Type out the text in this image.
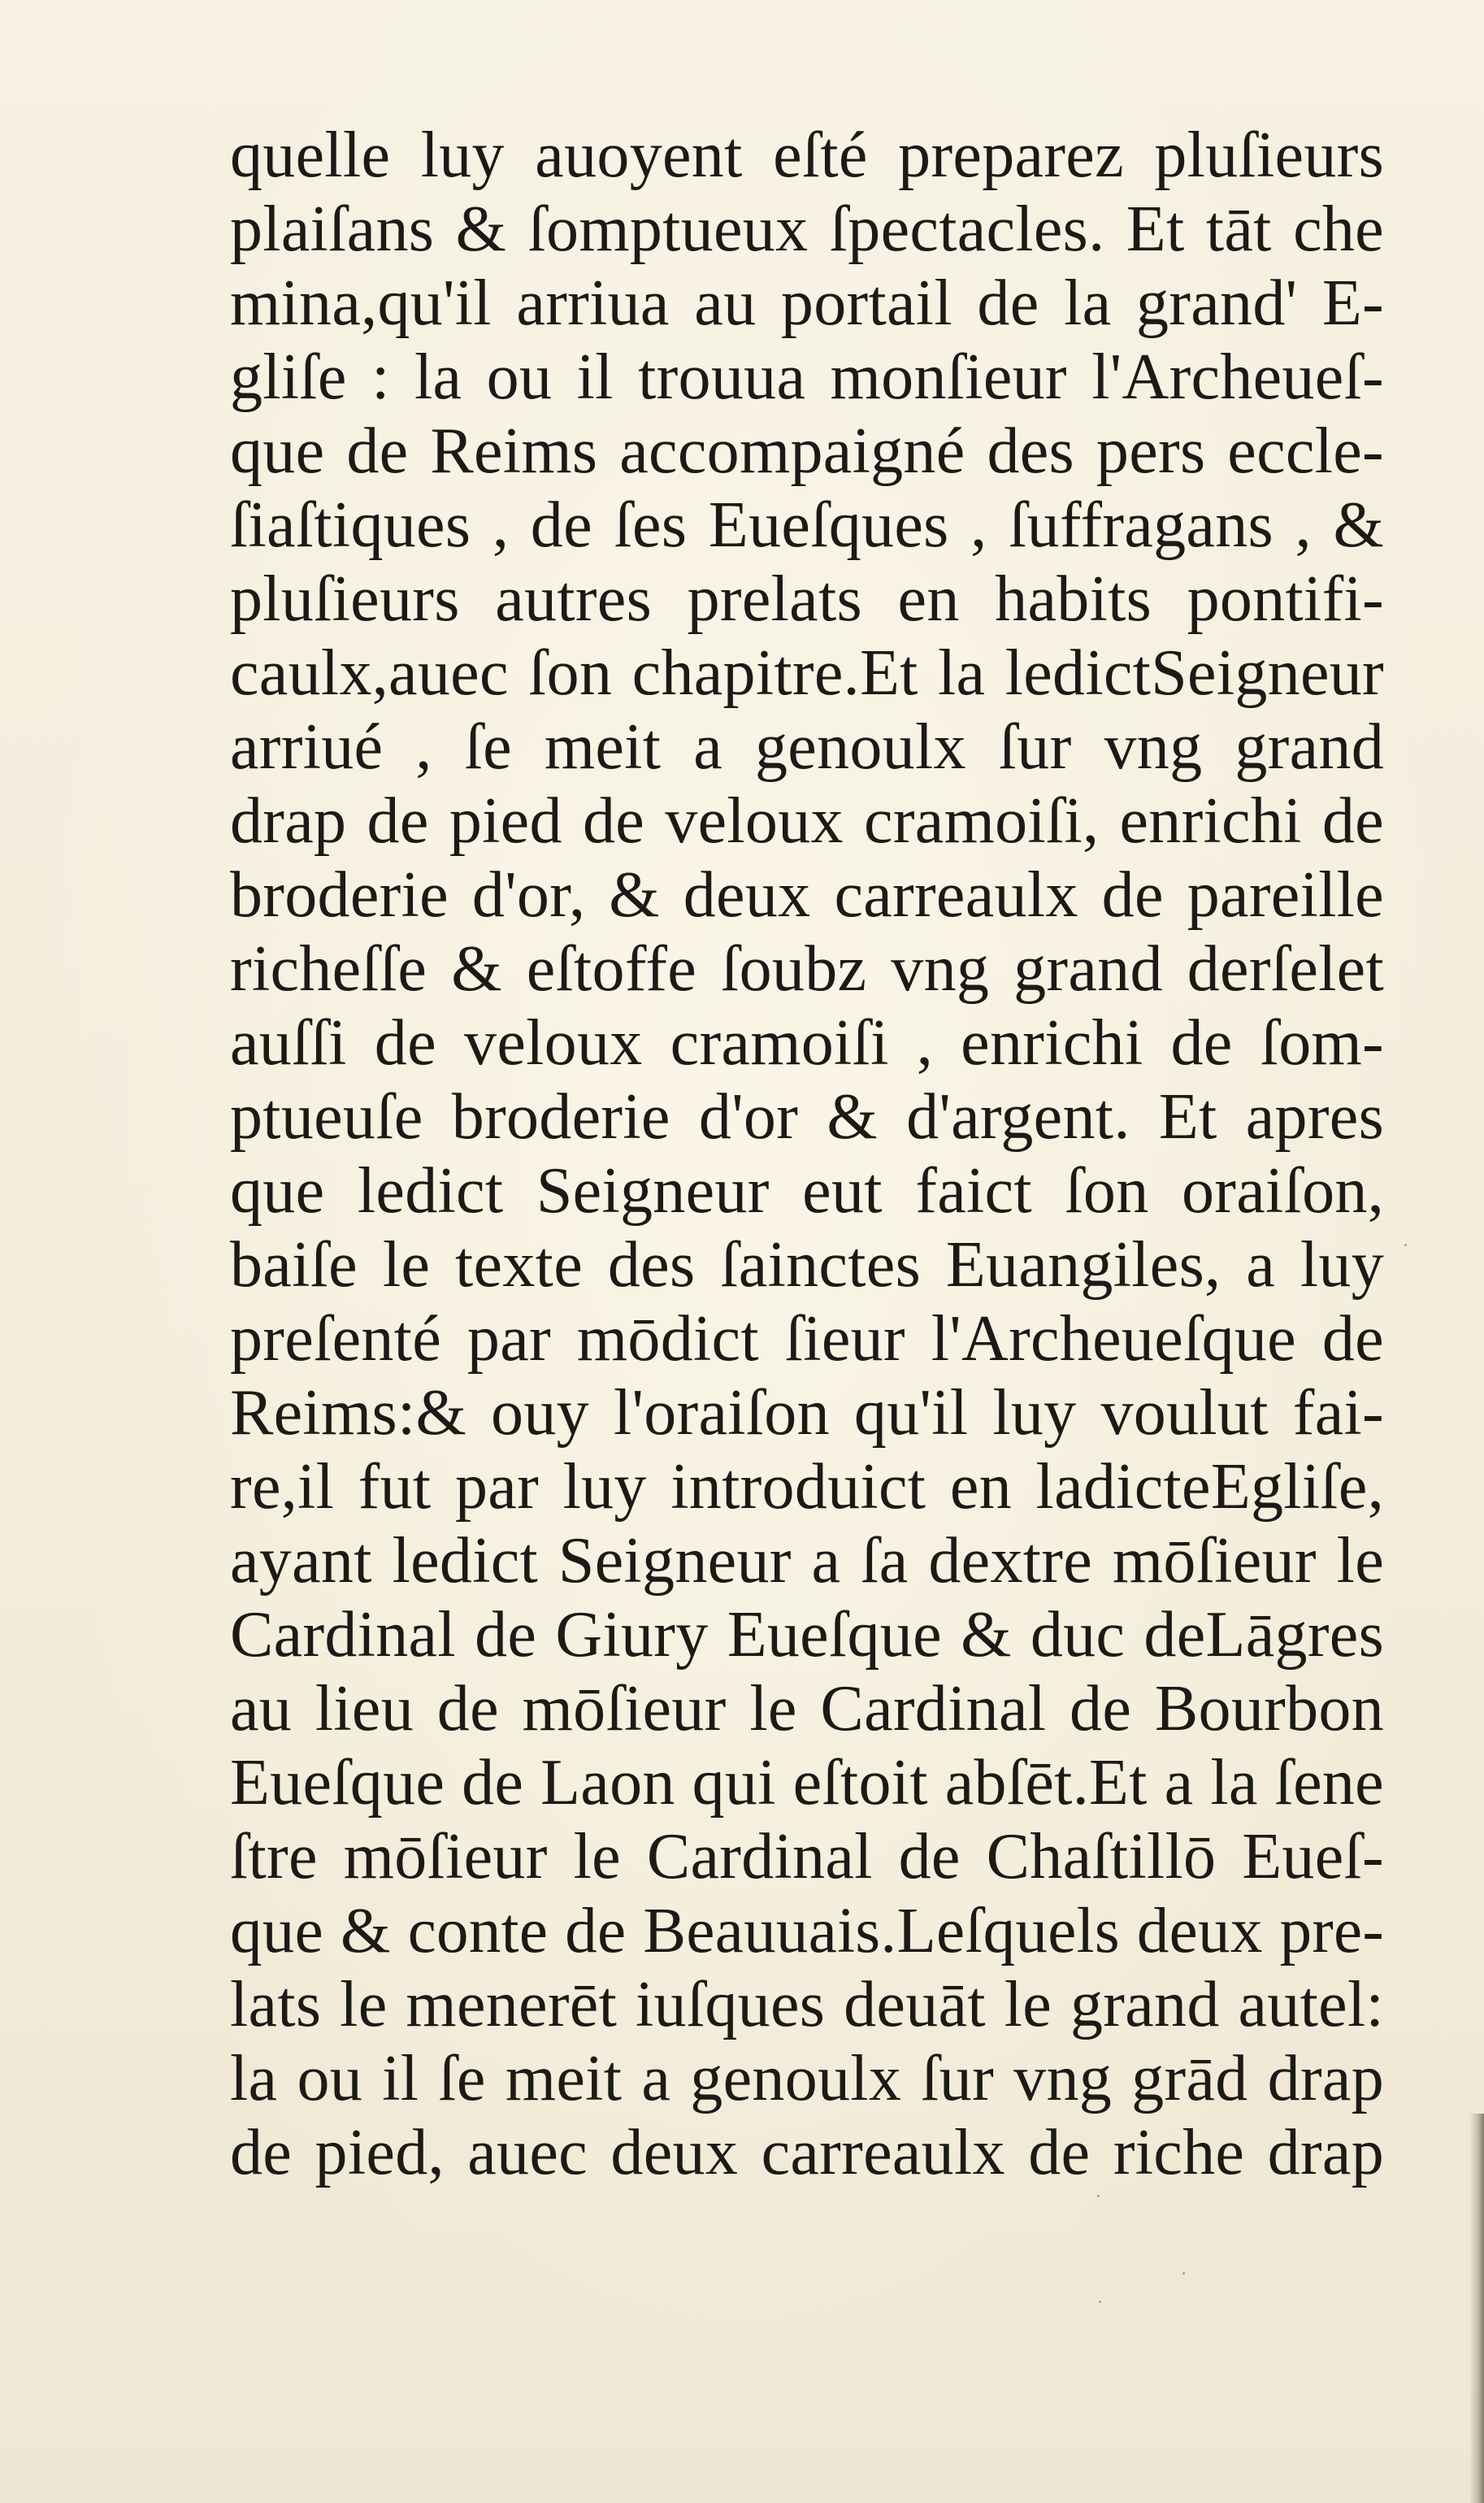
quelle luy auoyent eſté preparez pluſieurs
plaiſans & ſomptueux ſpectacles. Et tāt che
mina,qu'il arriua au portail de la grand' E-
gliſe : la ou il trouua monſieur l'Archeueſ-
que de Reims accompaigné des pers eccle-
ſiaſtiques , de ſes Eueſques , ſuffragans , &
pluſieurs autres prelats en habits pontifi-
caulx,auec ſon chapitre.Et la ledictSeigneur
arriué , ſe meit a genoulx ſur vng grand
drap de pied de veloux cramoiſi, enrichi de
broderie d'or, & deux carreaulx de pareille
richeſſe & eſtoffe ſoubz vng grand derſelet
auſſi de veloux cramoiſi , enrichi de ſom-
ptueuſe broderie d'or & d'argent. Et apres
que ledict Seigneur eut faict ſon oraiſon,
baiſe le texte des ſainctes Euangiles, a luy
preſenté par mōdict ſieur l'Archeueſque de
Reims:& ouy l'oraiſon qu'il luy voulut fai-
re,il fut par luy introduict en ladicteEgliſe,
ayant ledict Seigneur a ſa dextre mōſieur le
Cardinal de Giury Eueſque & duc deLāgres
au lieu de mōſieur le Cardinal de Bourbon
Eueſque de Laon qui eſtoit abſēt.Et a la ſene
ſtre mōſieur le Cardinal de Chaſtillō Eueſ-
que & conte de Beauuais.Leſquels deux pre-
lats le menerēt iuſques deuāt le grand autel:
la ou il ſe meit a genoulx ſur vng grād drap
de pied, auec deux carreaulx de riche drap
